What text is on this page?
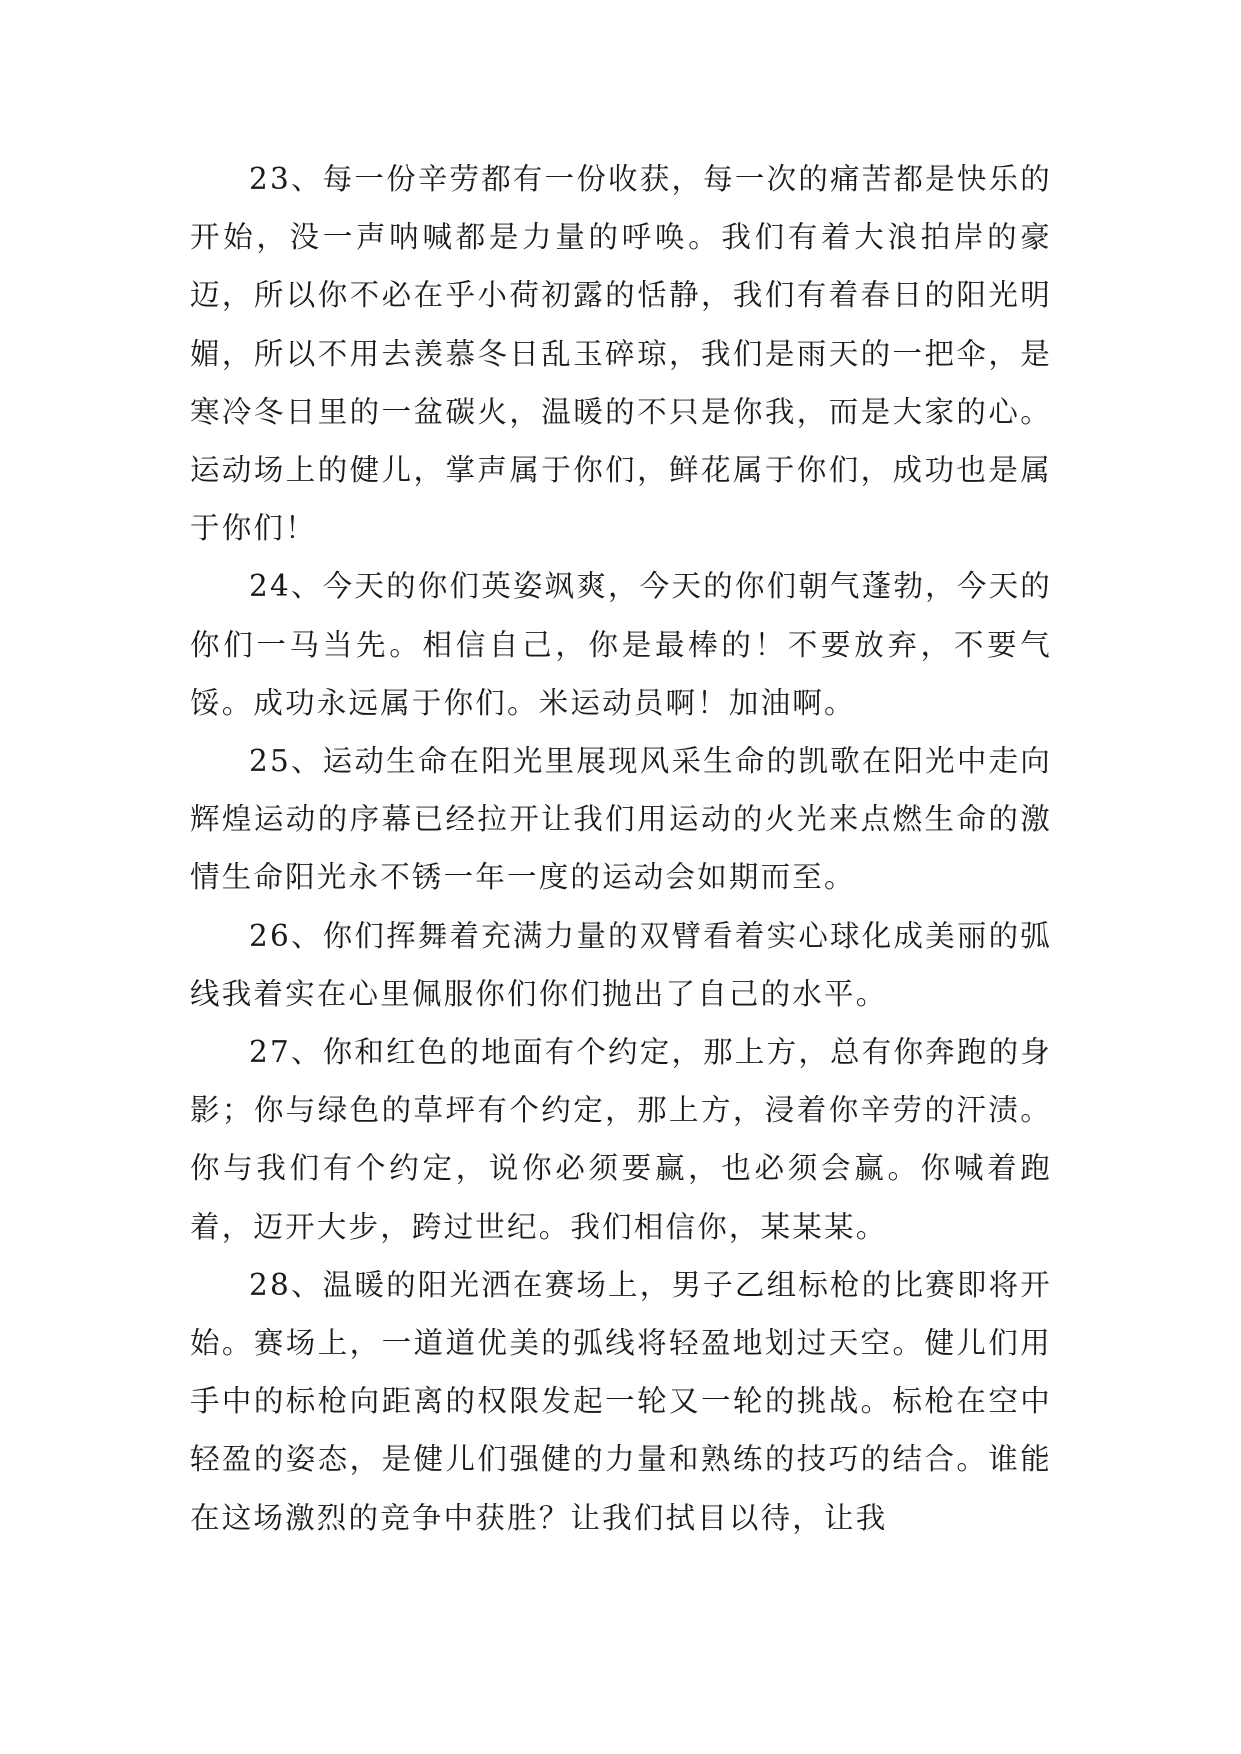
23、每一份辛劳都有一份收获，每一次的痛苦都是快乐的开始，没一声呐喊都是力量的呼唤。我们有着大浪拍岸的豪迈，所以你不必在乎小荷初露的恬静，我们有着春日的阳光明媚，所以不用去羡慕冬日乱玉碎琼，我们是雨天的一把伞，是寒冷冬日里的一盆碳火，温暖的不只是你我，而是大家的心。运动场上的健儿，掌声属于你们，鲜花属于你们，成功也是属于你们！

24、今天的你们英姿飒爽，今天的你们朝气蓬勃，今天的你们一马当先。相信自己，你是最棒的！不要放弃，不要气馁。成功永远属于你们。米运动员啊！加油啊。

25、运动生命在阳光里展现风采生命的凯歌在阳光中走向辉煌运动的序幕已经拉开让我们用运动的火光来点燃生命的激情生命阳光永不锈一年一度的运动会如期而至。

26、你们挥舞着充满力量的双臂看着实心球化成美丽的弧线我着实在心里佩服你们你们抛出了自己的水平。

27、你和红色的地面有个约定，那上方，总有你奔跑的身影；你与绿色的草坪有个约定，那上方，浸着你辛劳的汗渍。你与我们有个约定，说你必须要赢，也必须会赢。你喊着跑着，迈开大步，跨过世纪。我们相信你，某某某。

28、温暖的阳光洒在赛场上，男子乙组标枪的比赛即将开始。赛场上，一道道优美的弧线将轻盈地划过天空。健儿们用手中的标枪向距离的权限发起一轮又一轮的挑战。标枪在空中轻盈的姿态，是健儿们强健的力量和熟练的技巧的结合。谁能在这场激烈的竞争中获胜？让我们拭目以待，让我
